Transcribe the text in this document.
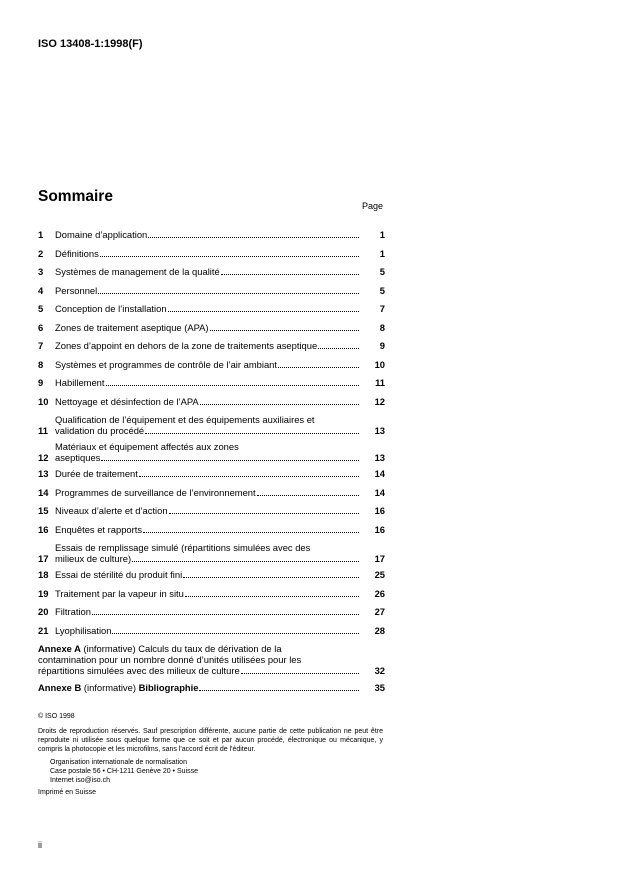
ISO 13408-1:1998(F)
Sommaire
Page
1	Domaine d’application	1
2	Définitions	1
3	Systèmes de management de la qualité	5
4	Personnel	5
5	Conception de l’installation	7
6	Zones de traitement aseptique (APA)	8
7	Zones d’appoint en dehors de la zone de traitements aseptique	9
8	Systèmes et programmes de contrôle de l’air ambiant	10
9	Habillement	11
10 Nettoyage et désinfection de l’APA	12
11
Qualification de l’équipement et des équipements auxiliaires et
validation du procédé	13
12
Matériaux et équipement affectés aux zones
aseptiques	13
13 Durée de traitement	14
14 Programmes de surveillance de l’environnement	14
15 Niveaux d’alerte et d’action	16
16 Enquêtes et rapports	16
17
Essais de remplissage simulé (répartitions simulées avec des
milieux de culture)	17
18 Essai de stérilité du produit fini	25
19 Traitement par la vapeur in situ	26
20 Filtration	27
21 Lyophilisation	28
Annexe A (informative) Calculs du taux de dérivation de la
contamination pour un nombre donné d’unités utilisées pour les
répartitions simulées avec des milieux de culture	32
Annexe B (informative) Bibliographie	35
© ISO 1998
Droits de reproduction réservés. Sauf prescription différente, aucune partie de cette publication ne peut être reproduite ni utilisée sous quelque forme que ce soit et par aucun procédé, électronique ou mécanique, y compris la photocopie et les microfilms, sans l'accord écrit de l'éditeur.
Organisation internationale de normalisation
Case postale 56 • CH-1211 Genève 20 • Suisse
Internet iso@iso.ch
Imprimé en Suisse
ii
